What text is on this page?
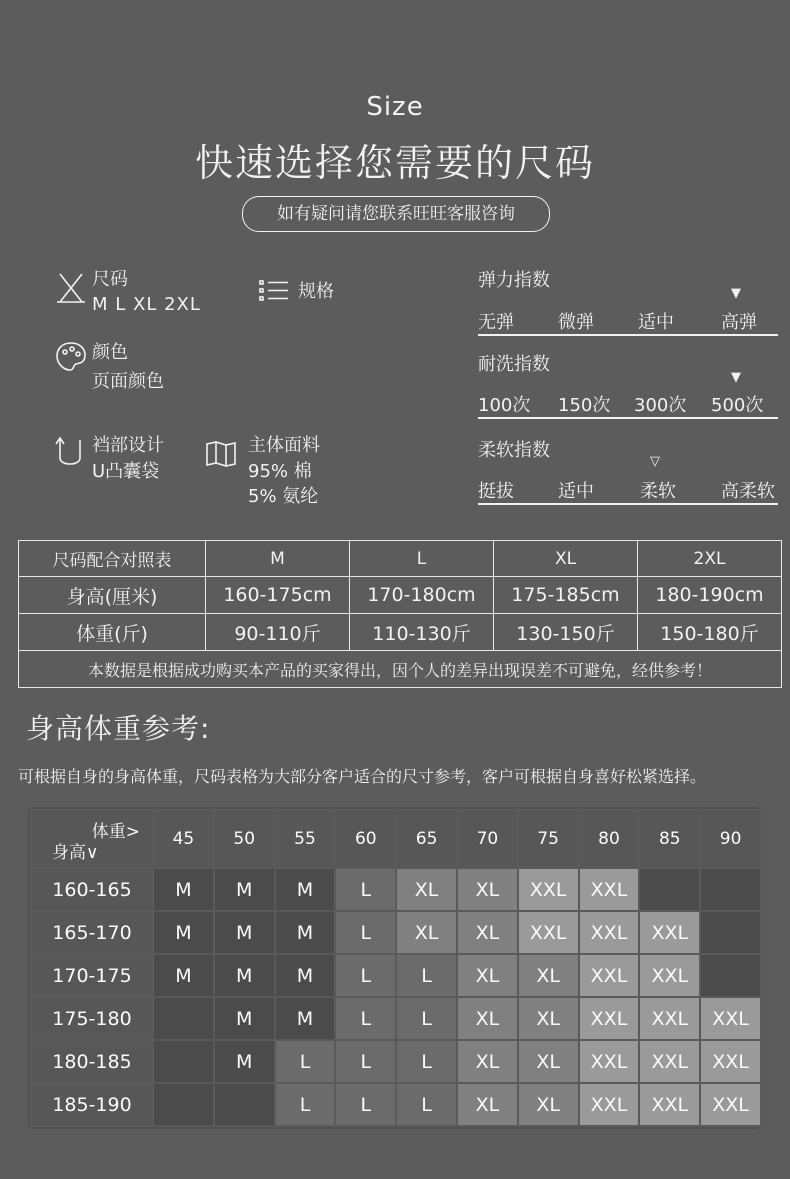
Size
快速选择您需要的尺码
如有疑问请您联系旺旺客服咨询
尺码
M L XL 2XL
规格
颜色
页面颜色
裆部设计
U凸囊袋
主体面料
95% 棉
5% 氨纶
弹力指数
▼
无弹 微弹 适中	高弹
耐洗指数
▼
100次 150次 300次 500次
柔软指数
▽
挺拔 适中	柔软	高柔软
尺码配合对照表	M	L	XL	2XL
身高(厘米)	160-175cm	170-180cm	175-185cm	180-190cm
体重(斤)	90-110斤	110-130斤	130-150斤	150-180斤
本数据是根据成功购买本产品的买家得出，因个人的差异出现误差不可避免，经供参考！				
身高体重参考:
可根据自身的身高体重，尺码表格为大部分客户适合的尺寸参考，客户可根据自身喜好松紧选择。
体重>
身高∨	45	50	55	60	65	70	75	80	85	90
160-165	M	M	M	L	XL	XL	XXL	XXL		
165-170	M	M	M	L	XL	XL	XXL	XXL	XXL	
170-175	M	M	M	L	L	XL	XL	XXL	XXL	
175-180		M	M	L	L	XL	XL	XXL	XXL	XXL
180-185		M	L	L	L	XL	XL	XXL	XXL	XXL
185-190			L	L	L	XL	XL	XXL	XXL	XXL
